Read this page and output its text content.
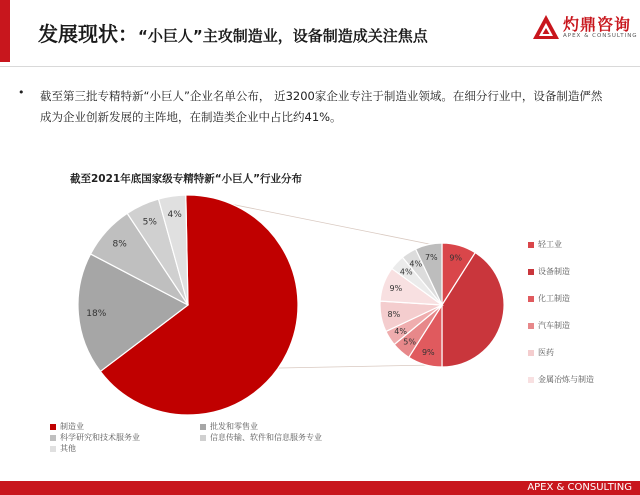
发展现状：“小巨人”主攻制造业，设备制造成关注焦点
灼鼎咨询
APEX & CONSULTING
• 截至第三批专精特新“小巨人”企业名单公布， 近3200家企业专注于制造业领域。在细分行业中，设备制造俨然成为企业创新发展的主阵地，在制造类企业中占比约41%。
截至2021年底国家级专精特新“小巨人”行业分布
18%
8%
5%
4%
9%
9%
5%
4%
8%
9%
4%
4%
7%
制造业	批发和零售业
科学研究和技术服务业	信息传输、软件和信息服务专业
其他
轻工业
设备制造
化工制造
汽车制造
医药
金属冶炼与制造
APEX & CONSULTING
